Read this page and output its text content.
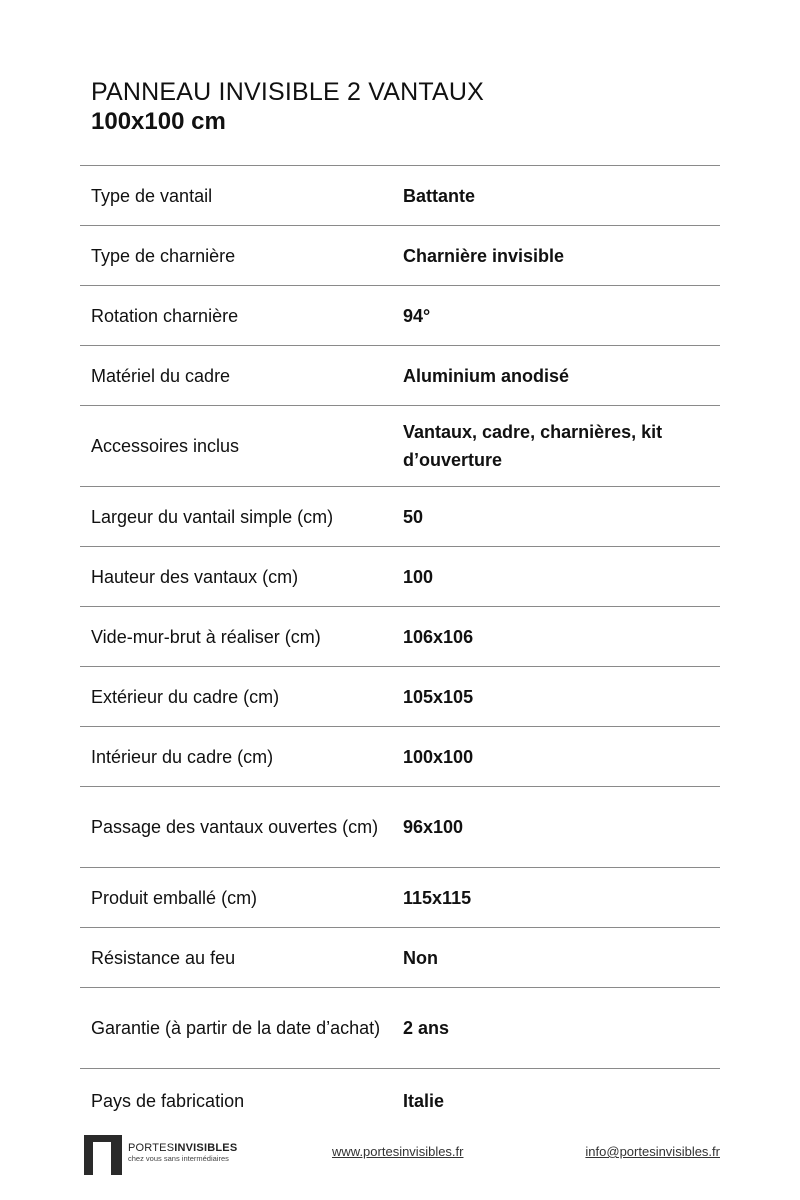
PANNEAU INVISIBLE 2 VANTAUX
100x100 cm
Type de vantail	Battante
Type de charnière	Charnière invisible
Rotation charnière	94°
Matériel du cadre	Aluminium anodisé
Accessoires inclus	Vantaux, cadre, charnières, kit d’ouverture
Largeur du vantail simple (cm)	50
Hauteur des vantaux (cm)	100
Vide-mur-brut à réaliser (cm)	106x106
Extérieur du cadre (cm)	105x105
Intérieur du cadre (cm)	100x100
Passage des vantaux ouvertes (cm)	96x100
Produit emballé (cm)	115x115
Résistance au feu	Non
Garantie (à partir de la date d’achat)	2 ans
Pays de fabrication	Italie
PORTESINVISIBLES
chez vous sans intermédiaires	www.portesinvisibles.fr	info@portesinvisibles.fr
